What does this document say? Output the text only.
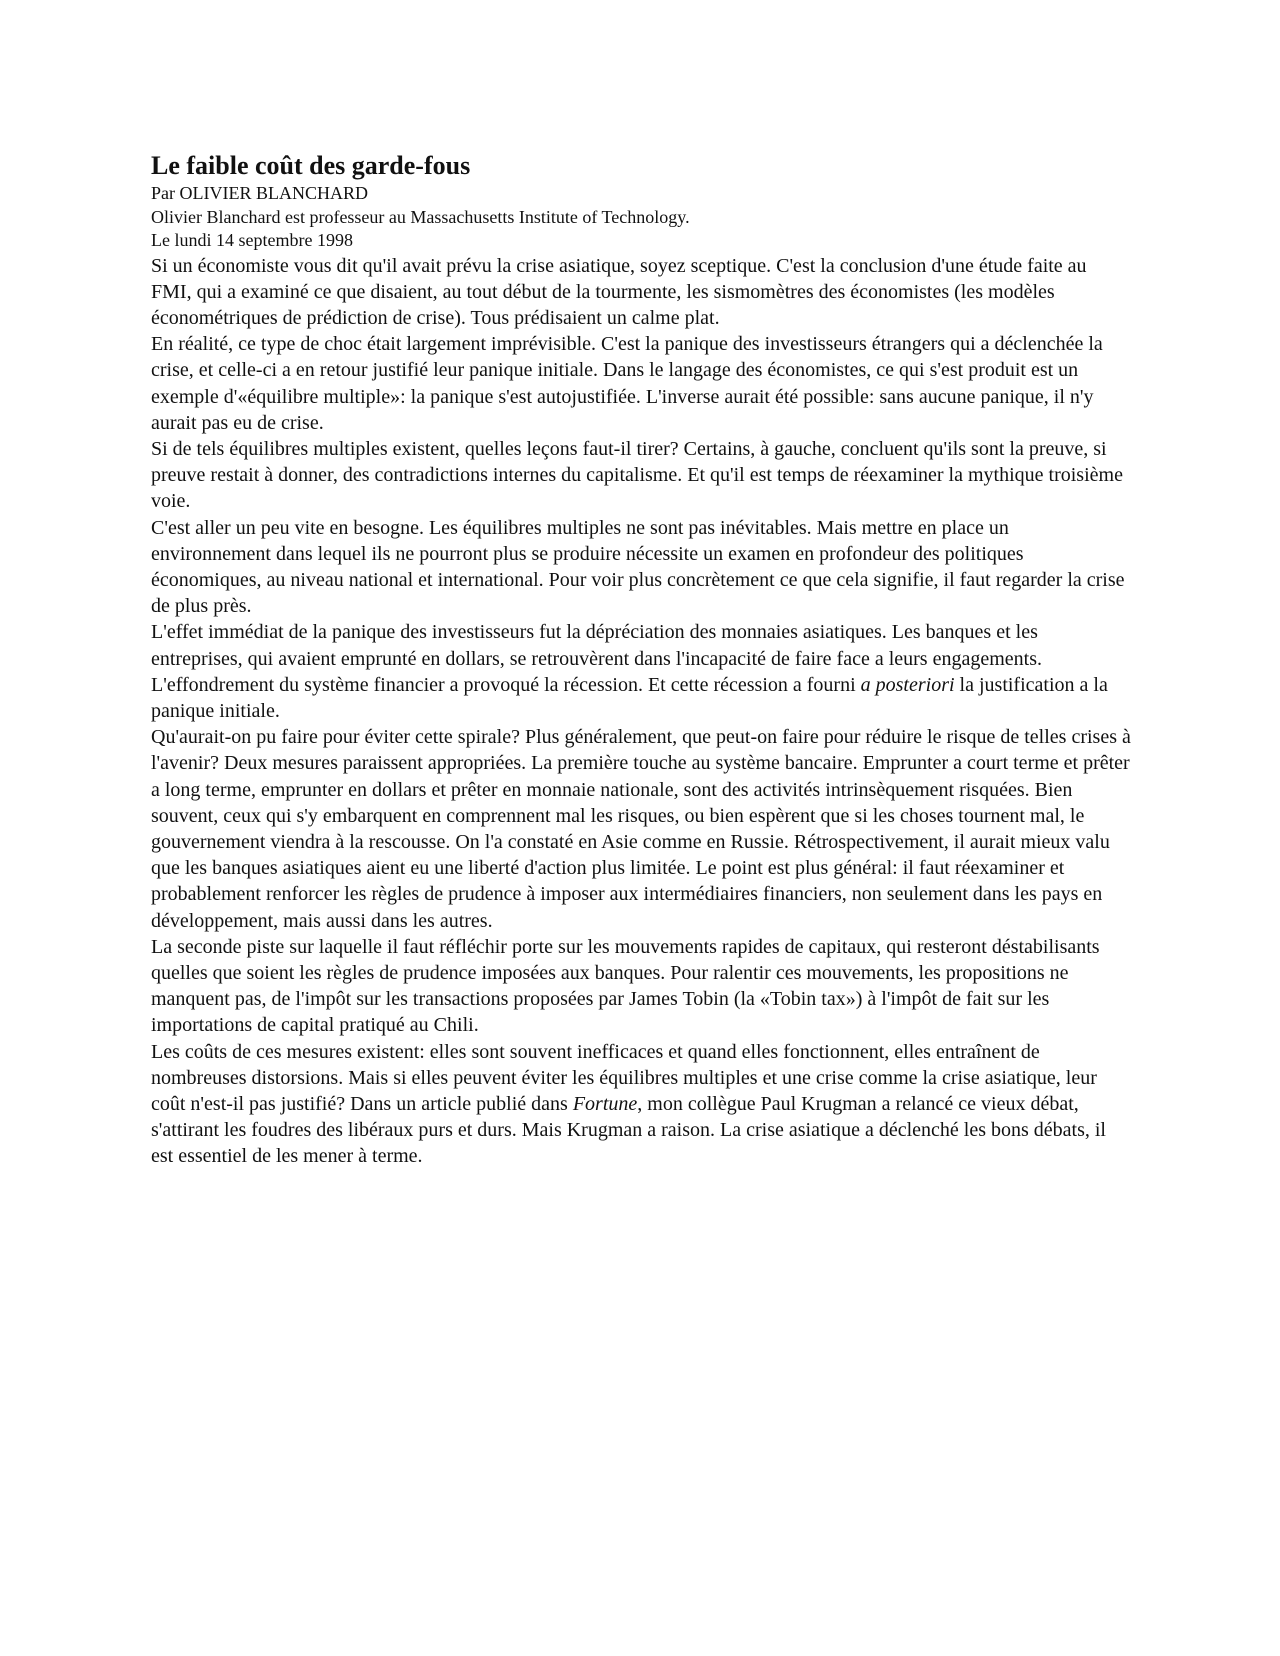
Le faible coût des garde-fous
Par OLIVIER BLANCHARD
Olivier Blanchard est professeur au Massachusetts Institute of Technology.
Le lundi 14 septembre 1998

Si un économiste vous dit qu'il avait prévu la crise asiatique, soyez sceptique. C'est la conclusion d'une étude faite au FMI, qui a examiné ce que disaient, au tout début de la tourmente, les sismomètres des économistes (les modèles économétriques de prédiction de crise). Tous prédisaient un calme plat.

En réalité, ce type de choc était largement imprévisible. C'est la panique des investisseurs étrangers qui a déclenchée la crise, et celle-ci a en retour justifié leur panique initiale. Dans le langage des économistes, ce qui s'est produit est un exemple d'«équilibre multiple»: la panique s'est autojustifiée. L'inverse aurait été possible: sans aucune panique, il n'y aurait pas eu de crise.

Si de tels équilibres multiples existent, quelles leçons faut-il tirer? Certains, à gauche, concluent qu'ils sont la preuve, si preuve restait à donner, des contradictions internes du capitalisme. Et qu'il est temps de réexaminer la mythique troisième voie.

C'est aller un peu vite en besogne. Les équilibres multiples ne sont pas inévitables. Mais mettre en place un environnement dans lequel ils ne pourront plus se produire nécessite un examen en profondeur des politiques économiques, au niveau national et international. Pour voir plus concrètement ce que cela signifie, il faut regarder la crise de plus près.

L'effet immédiat de la panique des investisseurs fut la dépréciation des monnaies asiatiques. Les banques et les entreprises, qui avaient emprunté en dollars, se retrouvèrent dans l'incapacité de faire face a leurs engagements. L'effondrement du système financier a provoqué la récession. Et cette récession a fourni a posteriori la justification a la panique initiale.

Qu'aurait-on pu faire pour éviter cette spirale? Plus généralement, que peut-on faire pour réduire le risque de telles crises à l'avenir? Deux mesures paraissent appropriées. La première touche au système bancaire. Emprunter a court terme et prêter a long terme, emprunter en dollars et prêter en monnaie nationale, sont des activités intrinsèquement risquées. Bien souvent, ceux qui s'y embarquent en comprennent mal les risques, ou bien espèrent que si les choses tournent mal, le gouvernement viendra à la rescousse. On l'a constaté en Asie comme en Russie. Rétrospectivement, il aurait mieux valu que les banques asiatiques aient eu une liberté d'action plus limitée. Le point est plus général: il faut réexaminer et probablement renforcer les règles de prudence à imposer aux intermédiaires financiers, non seulement dans les pays en développement, mais aussi dans les autres.

La seconde piste sur laquelle il faut réfléchir porte sur les mouvements rapides de capitaux, qui resteront déstabilisants quelles que soient les règles de prudence imposées aux banques. Pour ralentir ces mouvements, les propositions ne manquent pas, de l'impôt sur les transactions proposées par James Tobin (la «Tobin tax») à l'impôt de fait sur les importations de capital pratiqué au Chili.

Les coûts de ces mesures existent: elles sont souvent inefficaces et quand elles fonctionnent, elles entraînent de nombreuses distorsions. Mais si elles peuvent éviter les équilibres multiples et une crise comme la crise asiatique, leur coût n'est-il pas justifié? Dans un article publié dans Fortune, mon collègue Paul Krugman a relancé ce vieux débat, s'attirant les foudres des libéraux purs et durs. Mais Krugman a raison. La crise asiatique a déclenché les bons débats, il est essentiel de les mener à terme.
